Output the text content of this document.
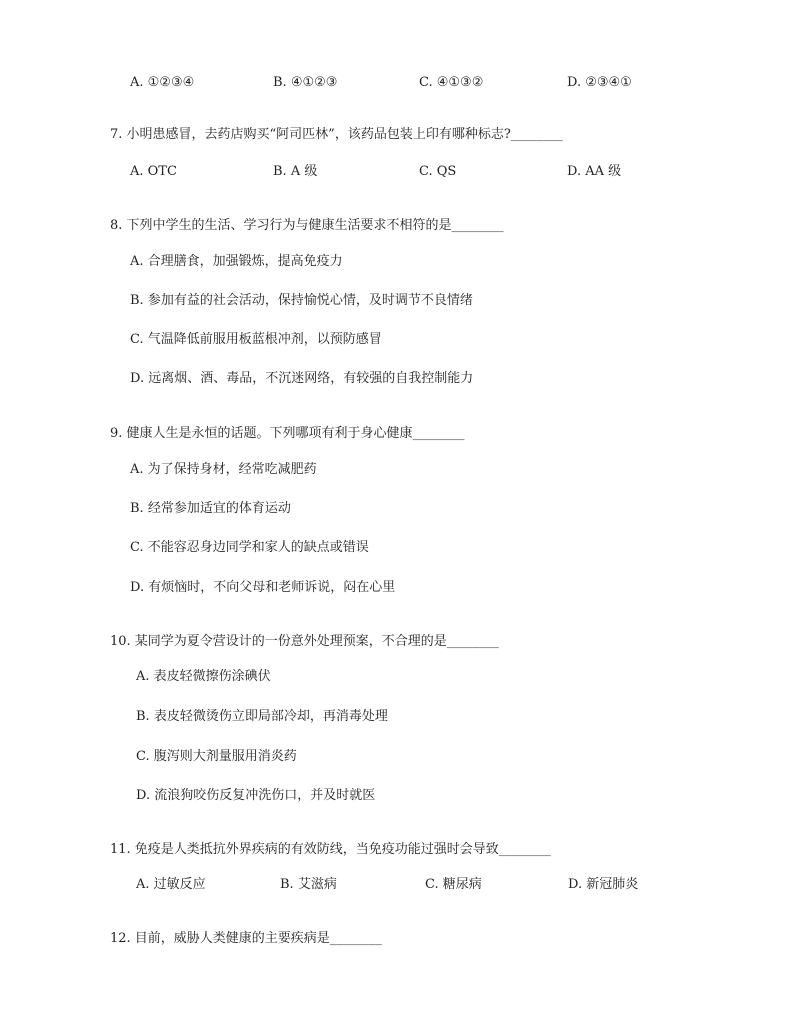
A. ①②③④	B. ④①②③	C. ④①③②	D. ②③④①
7. 小明患感冒，去药店购买“阿司匹林”，该药品包装上印有哪种标志?________
A. OTC	B. A 级	C. QS	D. AA 级
8. 下列中学生的生活、学习行为与健康生活要求不相符的是________
A. 合理膳食，加强锻炼，提高免疫力
B. 参加有益的社会活动，保持愉悦心情，及时调节不良情绪
C. 气温降低前服用板蓝根冲剂，以预防感冒
D. 远离烟、酒、毒品，不沉迷网络，有较强的自我控制能力
9. 健康人生是永恒的话题。下列哪项有利于身心健康________
A. 为了保持身材，经常吃减肥药
B. 经常参加适宜的体育运动
C. 不能容忍身边同学和家人的缺点或错误
D. 有烦恼时，不向父母和老师诉说，闷在心里
10. 某同学为夏令营设计的一份意外处理预案，不合理的是________
A. 表皮轻微擦伤涂碘伏
B. 表皮轻微烫伤立即局部冷却，再消毒处理
C. 腹泻则大剂量服用消炎药
D. 流浪狗咬伤反复冲洗伤口，并及时就医
11. 免疫是人类抵抗外界疾病的有效防线，当免疫功能过强时会导致________
A. 过敏反应	B. 艾滋病	C. 糖尿病	D. 新冠肺炎
12. 目前，威胁人类健康的主要疾病是________
